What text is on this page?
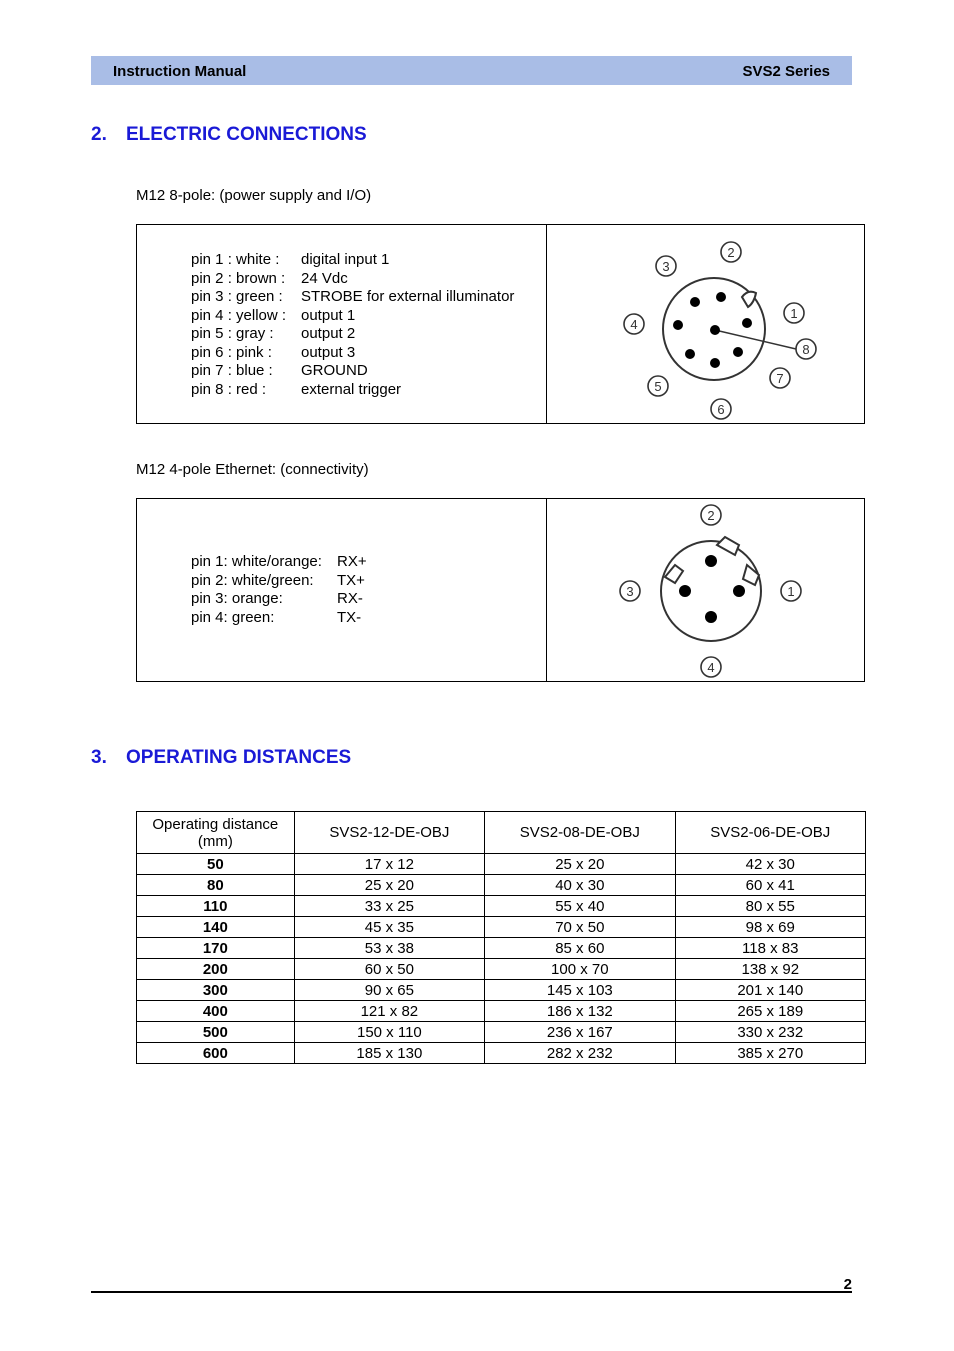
Instruction Manual	SVS2 Series
2. ELECTRIC CONNECTIONS
M12 8-pole: (power supply and I/O)
pin 1 : white :	digital input 1
pin 2 : brown :	24 Vdc
pin 3 : green :	STROBE for external illuminator
pin 4 : yellow : output 1
pin 5 : gray :	output 2
pin 6 : pink :	output 3
pin 7 : blue :	GROUND
pin 8 : red :	external trigger
1
2
3
4
5
6
7
8
M12 4-pole Ethernet: (connectivity)
pin 1: white/orange:	RX+
pin 2: white/green:	TX+
pin 3: orange:	RX-
pin 4: green:	TX-
1
2
3
4
3. OPERATING DISTANCES
Operating distance
(mm)	SVS2-12-DE-OBJ	SVS2-08-DE-OBJ	SVS2-06-DE-OBJ
50	17 x 12	25 x 20	42 x 30
80	25 x 20	40 x 30	60 x 41
110	33 x 25	55 x 40	80 x 55
140	45 x 35	70 x 50	98 x 69
170	53 x 38	85 x 60	118 x 83
200	60 x 50	100 x 70	138 x 92
300	90 x 65	145 x 103	201 x 140
400	121 x 82	186 x 132	265 x 189
500	150 x 110	236 x 167	330 x 232
600	185 x 130	282 x 232	385 x 270
2
